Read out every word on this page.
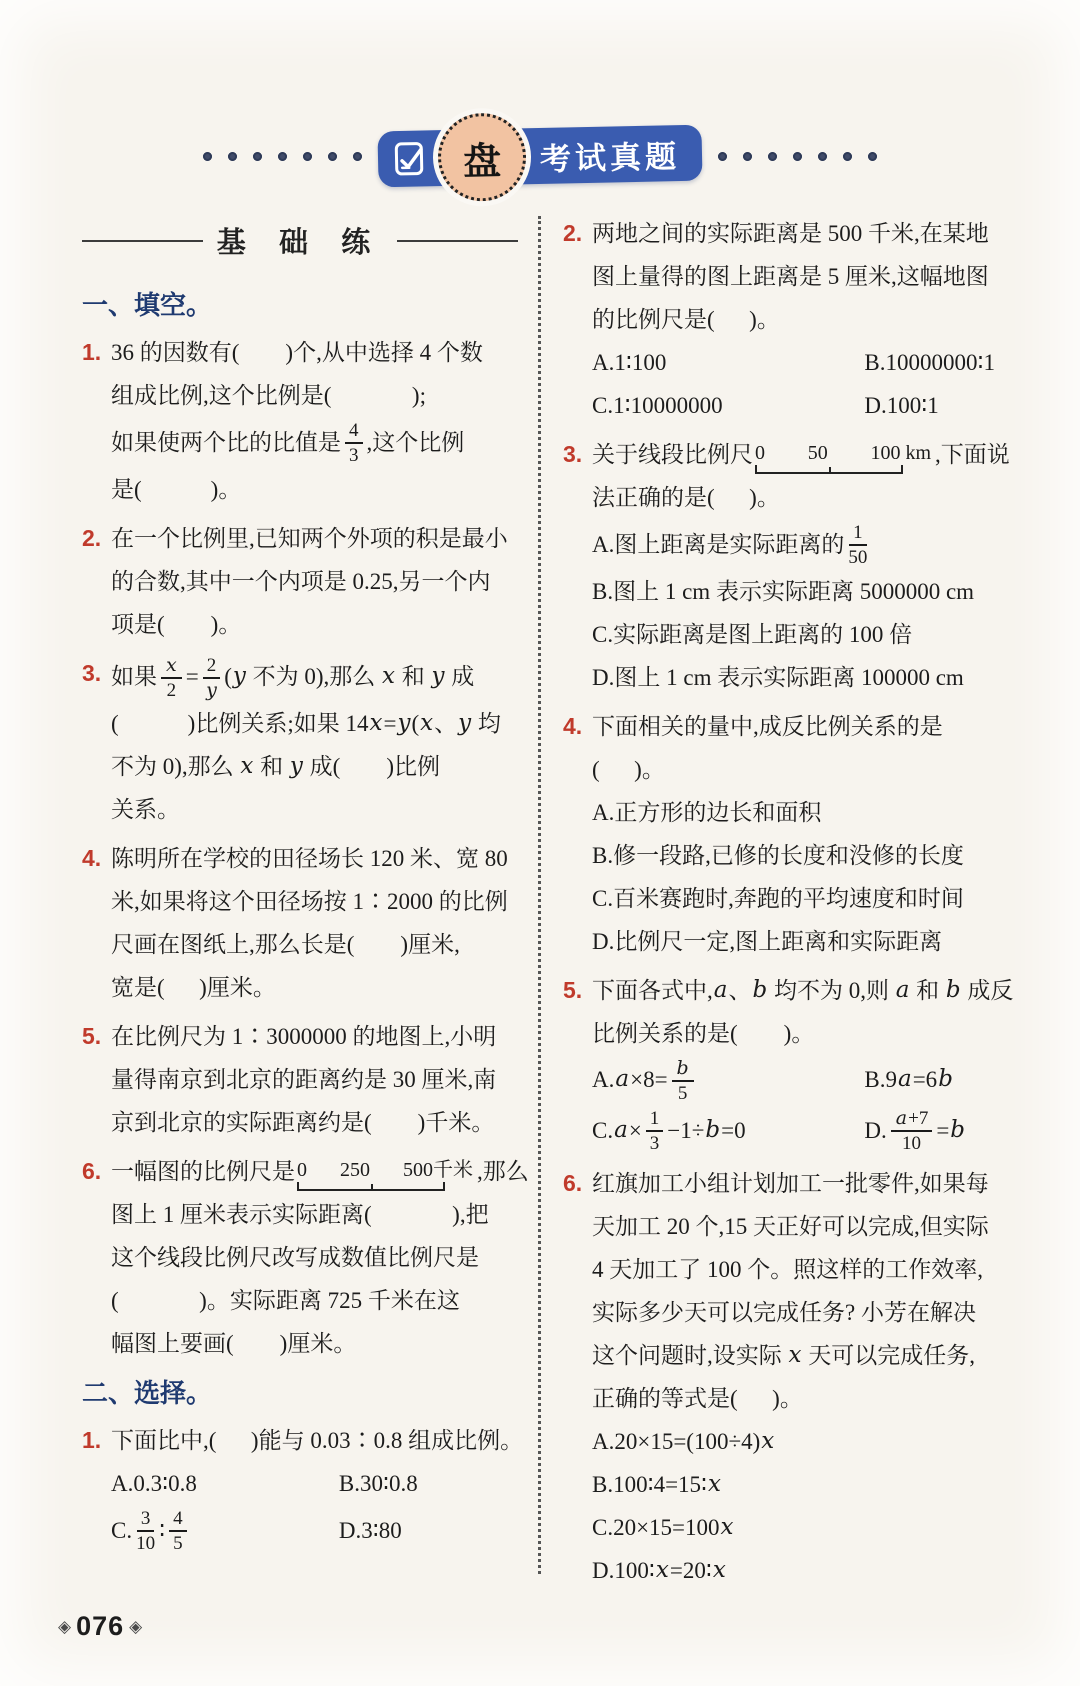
盘 考试真题
基 础 练
一、填空。
1. 36 的因数有(        )个,从中选择 4 个数
组成比例,这个比例是(              );
如果使两个比的比值是 $\frac{4}{3}$ ,这个比例
是(            )。
2. 在一个比例里,已知两个外项的积是最小
的合数,其中一个内项是 0.25,另一个内
项是(        )。
3. 如果 $\frac{x}{2} = \frac{2}{y}$ ( y 不为 0),那么 x 和 y 成
(            )比例关系;如果 14 x = y ( x 、 y 均
不为 0),那么 x 和 y 成(        )比例
关系。
4. 陈明所在学校的田径场长 120 米、宽 80
米,如果将这个田径场按 1∶2000 的比例
尺画在图纸上,那么长是(        )厘米,
宽是(      )厘米。
5. 在比例尺为 1∶3000000 的地图上,小明
量得南京到北京的距离约是 30 厘米,南
京到北京的实际距离约是(        )千米。
6. 一幅图的比例尺是 0 250 500千米 ,那么
图上 1 厘米表示实际距离(              ),把
这个线段比例尺改写成数值比例尺是
(              )。实际距离 725 千米在这
幅图上要画(        )厘米。
二、选择。
1. 下面比中,(      )能与 0.03∶0.8 组成比例。
A.0.3∶0.8	B.30∶0.8
C. $\frac{3}{10}$ ∶ $\frac{4}{5}$	D.3∶80
2. 两地之间的实际距离是 500 千米,在某地
图上量得的图上距离是 5 厘米,这幅地图
的比例尺是(      )。
A.1∶100	B.10000000∶1
C.1∶10000000	D.100∶1
3. 关于线段比例尺 0 50 100 km ,下面说
法正确的是(      )。
A.图上距离是实际距离的 $\frac{1}{50}$
B.图上 1 cm 表示实际距离 5000000 cm
C.实际距离是图上距离的 100 倍
D.图上 1 cm 表示实际距离 100000 cm
4. 下面相关的量中,成反比例关系的是
(      )。
A.正方形的边长和面积
B.修一段路,已修的长度和没修的长度
C.百米赛跑时,奔跑的平均速度和时间
D.比例尺一定,图上距离和实际距离
5. 下面各式中, a 、 b 均不为 0,则 a 和 b 成反
比例关系的是(        )。
A. $a \times 8= \frac{b}{5}$	B.9 a =6 b
C. $a \times \frac{1}{3} -1\div b =0$	D. $\frac{a+7}{10} = b$
6. 红旗加工小组计划加工一批零件,如果每
天加工 20 个,15 天正好可以完成,但实际
4 天加工了 100 个。照这样的工作效率,
实际多少天可以完成任务? 小芳在解决
这个问题时,设实际 x 天可以完成任务,
正确的等式是(      )。
A.20×15=(100÷4) x
B.100∶4=15∶ x
C.20×15=100 x
D.100∶ x =20∶ x
◈ 076 ◈
